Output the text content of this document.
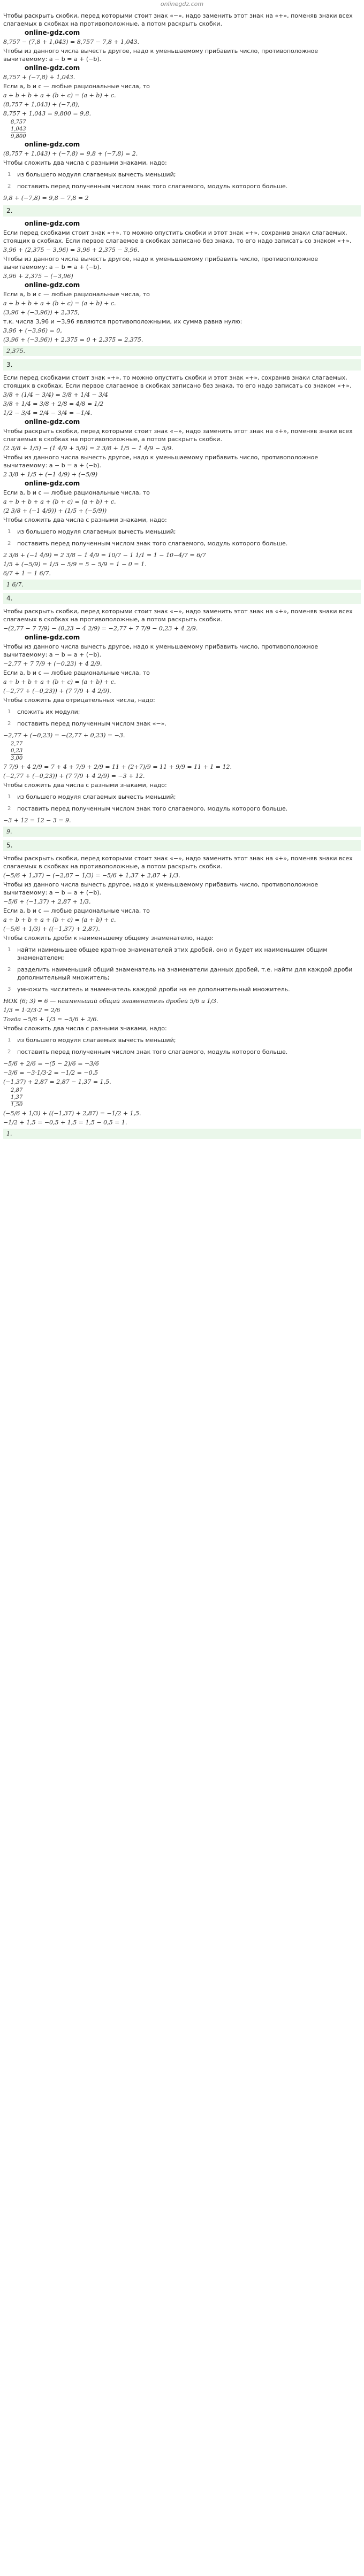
onlinegdz.com
Чтобы раскрыть скобки, перед которыми стоит знак «−», надо заменить этот знак на «+», поменяв знаки всех слагаемых в скобках на противоположные, а потом раскрыть скобки.
online-gdz.com
8,757 − (7,8 + 1,043) = 8,757 − 7,8 + 1,043.
Чтобы из данного числа вычесть другое, надо к уменьшаемому прибавить число, противоположное вычитаемому: a − b = a + (−b).
online-gdz.com
8,757 + (−7,8) + 1,043.
Если a, b и c — любые рациональные числа, то
a + b + b + a + (b + c) = (a + b) + c.
(8,757 + 1,043) + (−7,8),
8,757 + 1,043 = 9,800 = 9,8.
8,757
1,043
9,800
online-gdz.com
(8,757 + 1,043) + (−7,8) = 9,8 + (−7,8) = 2.
Чтобы сложить два числа с разными знаками, надо:
1 из большего модуля слагаемых вычесть меньший;
2 поставить перед полученным числом знак того слагаемого, модуль которого больше.
9,8 + (−7,8) = 9,8 − 7,8 = 2
2.
online-gdz.com
Если перед скобками стоит знак «+», то можно опустить скобки и этот знак «+», сохранив знаки слагаемых, стоящих в скобках. Если первое слагаемое в скобках записано без знака, то его надо записать со знаком «+».
3,96 + (2,375 − 3,96) = 3,96 + 2,375 − 3,96.
Чтобы из данного числа вычесть другое, надо к уменьшаемому прибавить число, противоположное вычитаемому: a − b = a + (−b).
3,96 + 2,375 − (−3,96)
online-gdz.com
Если a, b и c — любые рациональные числа, то
a + b + b + a + (b + c) = (a + b) + c.
(3,96 + (−3,96)) + 2,375,
т.к. числа 3,96 и −3,96 являются противоположными, их сумма равна нулю:
3,96 + (−3,96) = 0,
(3,96 + (−3,96)) + 2,375 = 0 + 2,375 = 2,375.
2,375.
3.
Если перед скобками стоит знак «+», то можно опустить скобки и этот знак «+», сохранив знаки слагаемых, стоящих в скобках. Если первое слагаемое в скобках записано без знака, то его надо записать со знаком «+».
3/8 + (1/4 − 3/4) = 3/8 + 1/4 − 3/4
3/8 + 1/4 = 3/8 + 2/8 = 4/8 = 1/2
1/2 − 3/4 = 2/4 − 3/4 = −1/4.
online-gdz.com
Чтобы раскрыть скобки, перед которыми стоит знак «−», надо заменить этот знак на «+», поменяв знаки всех слагаемых в скобках на противоположные, а потом раскрыть скобки.
(2 3/8 + 1/5) − (1 4/9 + 5/9) = 2 3/8 + 1/5 − 1 4/9 − 5/9.
Чтобы из данного числа вычесть другое, надо к уменьшаемому прибавить число, противоположное вычитаемому: a − b = a + (−b).
2 3/8 + 1/5 + (−1 4/9) + (−5/9)
online-gdz.com
Если a, b и c — любые рациональные числа, то
a + b + b + a + (b + c) = (a + b) + c.
(2 3/8 + (−1 4/9)) + (1/5 + (−5/9))
Чтобы сложить два числа с разными знаками, надо:
1 из большего модуля слагаемых вычесть меньший;
2 поставить перед полученным числом знак того слагаемого, модуль которого больше.
2 3/8 + (−1 4/9) = 2 3/8 − 1 4/9 = 10/7 − 1 1/1 = 1 − 10−4/7 = 6/7
1/5 + (−5/9) = 1/5 − 5/9 = 5 − 5/9 = 1 − 0 = 1.
6/7 + 1 = 1 6/7.
1 6/7.
4.
Чтобы раскрыть скобки, перед которыми стоит знак «−», надо заменить этот знак на «+», поменяв знаки всех слагаемых в скобках на противоположные, а потом раскрыть скобки.
−(2,77 − 7 7/9) − (0,23 − 4 2/9) = −2,77 + 7 7/9 − 0,23 + 4 2/9.
online-gdz.com
Чтобы из данного числа вычесть другое, надо к уменьшаемому прибавить число, противоположное вычитаемому: a − b = a + (−b).
−2,77 + 7 7/9 + (−0,23) + 4 2/9.
Если a, b и c — любые рациональные числа, то
a + b + b + a + (b + c) = (a + b) + c.
(−2,77 + (−0,23)) + (7 7/9 + 4 2/9).
Чтобы сложить два отрицательных числа, надо:
1 сложить их модули;
2 поставить перед полученным числом знак «−».
−2,77 + (−0,23) = −(2,77 + 0,23) = −3.
2,77
0,23
3,00
7 7/9 + 4 2/9 = 7 + 4 + 7/9 + 2/9 = 11 + (2+7)/9 = 11 + 9/9 = 11 + 1 = 12.
(−2,77 + (−0,23)) + (7 7/9 + 4 2/9) = −3 + 12.
Чтобы сложить два числа с разными знаками, надо:
1 из большего модуля слагаемых вычесть меньший;
2 поставить перед полученным числом знак того слагаемого, модуль которого больше.
−3 + 12 = 12 − 3 = 9.
9.
5.
Чтобы раскрыть скобки, перед которыми стоит знак «−», надо заменить этот знак на «+», поменяв знаки всех слагаемых в скобках на противоположные, а потом раскрыть скобки.
(−5/6 + 1,37) − (−2,87 − 1/3) = −5/6 + 1,37 + 2,87 + 1/3.
Чтобы из данного числа вычесть другое, надо к уменьшаемому прибавить число, противоположное вычитаемому: a − b = a + (−b).
−5/6 + (−1,37) + 2,87 + 1/3.
Если a, b и c — любые рациональные числа, то
a + b + b + a + (b + c) = (a + b) + c.
(−5/6 + 1/3) + ((−1,37) + 2,87).
Чтобы сложить дроби к наименьшему общему знаменателю, надо:
1 найти наименьшее общее кратное знаменателей этих дробей, оно и будет их наименьшим общим знаменателем;
2 разделить наименьший общий знаменатель на знаменатели данных дробей, т.е. найти для каждой дроби дополнительный множитель;
3 умножить числитель и знаменатель каждой дроби на ее дополнительный множитель.
НОК (6; 3) = 6 — наименьший общий знаменатель дробей 5/6 и 1/3.
1/3 = 1·2/3·2 = 2/6
Тогда −5/6 + 1/3 = −5/6 + 2/6.
Чтобы сложить два числа с разными знаками, надо:
1 из большего модуля слагаемых вычесть меньший;
2 поставить перед полученным числом знак того слагаемого, модуль которого больше.
−5/6 + 2/6 = −(5 − 2)/6 = −3/6
−3/6 = −3·1/3·2 = −1/2 = −0,5
(−1,37) + 2,87 = 2,87 − 1,37 = 1,5.
2,87
1,37
1,50
(−5/6 + 1/3) + ((−1,37) + 2,87) = −1/2 + 1,5.
−1/2 + 1,5 = −0,5 + 1,5 = 1,5 − 0,5 = 1.
1.
